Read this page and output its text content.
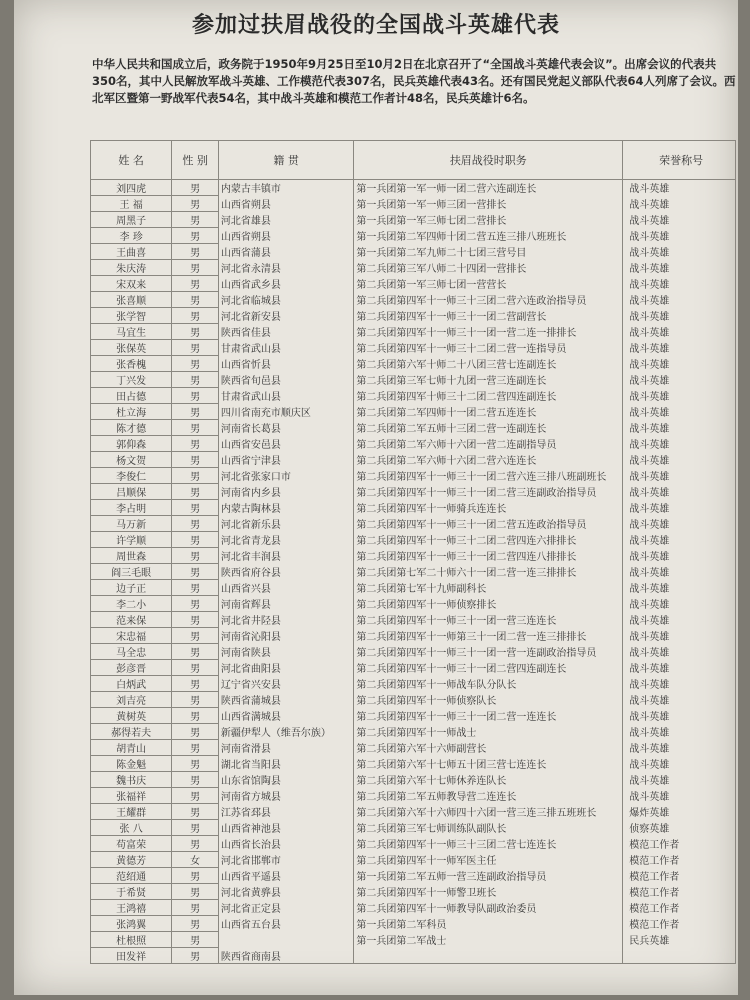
参加过扶眉战役的全国战斗英雄代表

中华人民共和国成立后，政务院于1950年9月25日至10月2日在北京召开了“全国战斗英雄代表会议”。出席会议的代表共350名，其中人民解放军战斗英雄、工作模范代表307名，民兵英雄代表43名。还有国民党起义部队代表64人列席了会议。西北军区暨第一野战军代表54名，其中战斗英雄和模范工作者计48名，民兵英雄计6名。

姓 名	性 别	籍 贯	扶眉战役时职务	荣誉称号
刘四虎	男	内蒙古丰镇市	第一兵团第一军一师一团二营六连副连长	战斗英雄
王 福	男	山西省朔县	第一兵团第一军一师三团一营排长	战斗英雄
周黑子	男	河北省雄县	第一兵团第一军三师七团二营排长	战斗英雄
李 珍	男	山西省朔县	第一兵团第二军四师十团二营五连三排八班班长	战斗英雄
王曲喜	男	山西省蒲县	第一兵团第二军九师二十七团三营号目	战斗英雄
朱庆涛	男	河北省永清县	第二兵团第三军八师二十四团一营排长	战斗英雄
宋双来	男	山西省武乡县	第二兵团第一军三师七团一营营长	战斗英雄
张喜顺	男	河北省临城县	第二兵团第四军十一师三十三团二营六连政治指导员	战斗英雄
张学智	男	河北省新安县	第二兵团第四军十一师三十一团二营副营长	战斗英雄
马宜生	男	陕西省佳县	第二兵团第四军十一师三十一团一营二连一排排长	战斗英雄
张保英	男	甘肃省武山县	第二兵团第四军十一师三十二团二营一连指导员	战斗英雄
张香槐	男	山西省忻县	第二兵团第六军十师二十八团三营七连副连长	战斗英雄
丁兴发	男	陕西省旬邑县	第二兵团第三军七师十九团一营三连副连长	战斗英雄
田占德	男	甘肃省武山县	第二兵团第四军十师三十二团二营四连副连长	战斗英雄
杜立海	男	四川省南充市顺庆区	第二兵团第二军四师十一团二营五连连长	战斗英雄
陈才德	男	河南省长葛县	第二兵团第二军五师十三团二营一连副连长	战斗英雄
郭仰森	男	山西省安邑县	第二兵团第二军六师十六团一营二连副指导员	战斗英雄
杨文贺	男	山西省宁津县	第二兵团第二军六师十六团二营六连连长	战斗英雄
李俊仁	男	河北省张家口市	第二兵团第四军十一师三十一团二营六连三排八班副班长	战斗英雄
吕顺保	男	河南省内乡县	第二兵团第四军十一师三十一团二营三连副政治指导员	战斗英雄
李占明	男	内蒙古陶林县	第二兵团第四军十一师骑兵连连长	战斗英雄
马万新	男	河北省新乐县	第二兵团第四军十一师三十一团二营五连政治指导员	战斗英雄
许学顺	男	河北省青龙县	第二兵团第四军十一师三十二团二营四连六排排长	战斗英雄
周世森	男	河北省丰润县	第二兵团第四军十一师三十一团二营四连八排排长	战斗英雄
阎三毛眼	男	陕西省府谷县	第二兵团第七军二十师六十一团二营一连三排排长	战斗英雄
边子正	男	山西省兴县	第二兵团第七军十九师副科长	战斗英雄
李二小	男	河南省辉县	第二兵团第四军十一师侦察排长	战斗英雄
范来保	男	河北省井陉县	第二兵团第四军十一师三十一团一营三连连长	战斗英雄
宋忠福	男	河南省沁阳县	第二兵团第四军十一师第三十一团二营一连三排排长	战斗英雄
马全忠	男	河南省陕县	第二兵团第四军十一师三十一团一营一连副政治指导员	战斗英雄
彭彦晋	男	河北省曲阳县	第二兵团第四军十一师三十一团二营四连副连长	战斗英雄
白炳武	男	辽宁省兴安县	第二兵团第四军十一师战车队分队长	战斗英雄
刘吉亮	男	陕西省蒲城县	第二兵团第四军十一师侦察队长	战斗英雄
黄树英	男	山西省满城县	第二兵团第四军十一师三十一团二营一连连长	战斗英雄
郝得若夫	男	新疆伊犁人（维吾尔族）	第二兵团第四军十一师战士	战斗英雄
胡青山	男	河南省滑县	第二兵团第六军十六师副营长	战斗英雄
陈金魁	男	湖北省当阳县	第二兵团第六军十七师五十团三营七连连长	战斗英雄
魏书庆	男	山东省馆陶县	第二兵团第六军十七师休养连队长	战斗英雄
张福祥	男	河南省方城县	第二兵团第二军五师教导营二连连长	战斗英雄
王耀群	男	江苏省邳县	第二兵团第六军十六师四十六团一营三连三排五班班长	爆炸英雄
张 八	男	山西省神池县	第二兵团第三军七师训练队副队长	侦察英雄
苟富荣	男	山西省长治县	第二兵团第四军十一师三十三团二营七连连长	模范工作者
黄德芳	女	河北省邯郸市	第二兵团第四军十一师军医主任	模范工作者
范绍通	男	山西省平遥县	第一兵团第二军五师一营三连副政治指导员	模范工作者
于希贤	男	河北省黄骅县	第二兵团第四军十一师警卫班长	模范工作者
王鸿禧	男	河北省正定县	第二兵团第四军十一师教导队副政治委员	模范工作者
张鸿翼	男	山西省五台县	第一兵团第二军科员	模范工作者
杜根照	男		第一兵团第二军战士	民兵英雄
田发祥	男	陕西省商南县		
